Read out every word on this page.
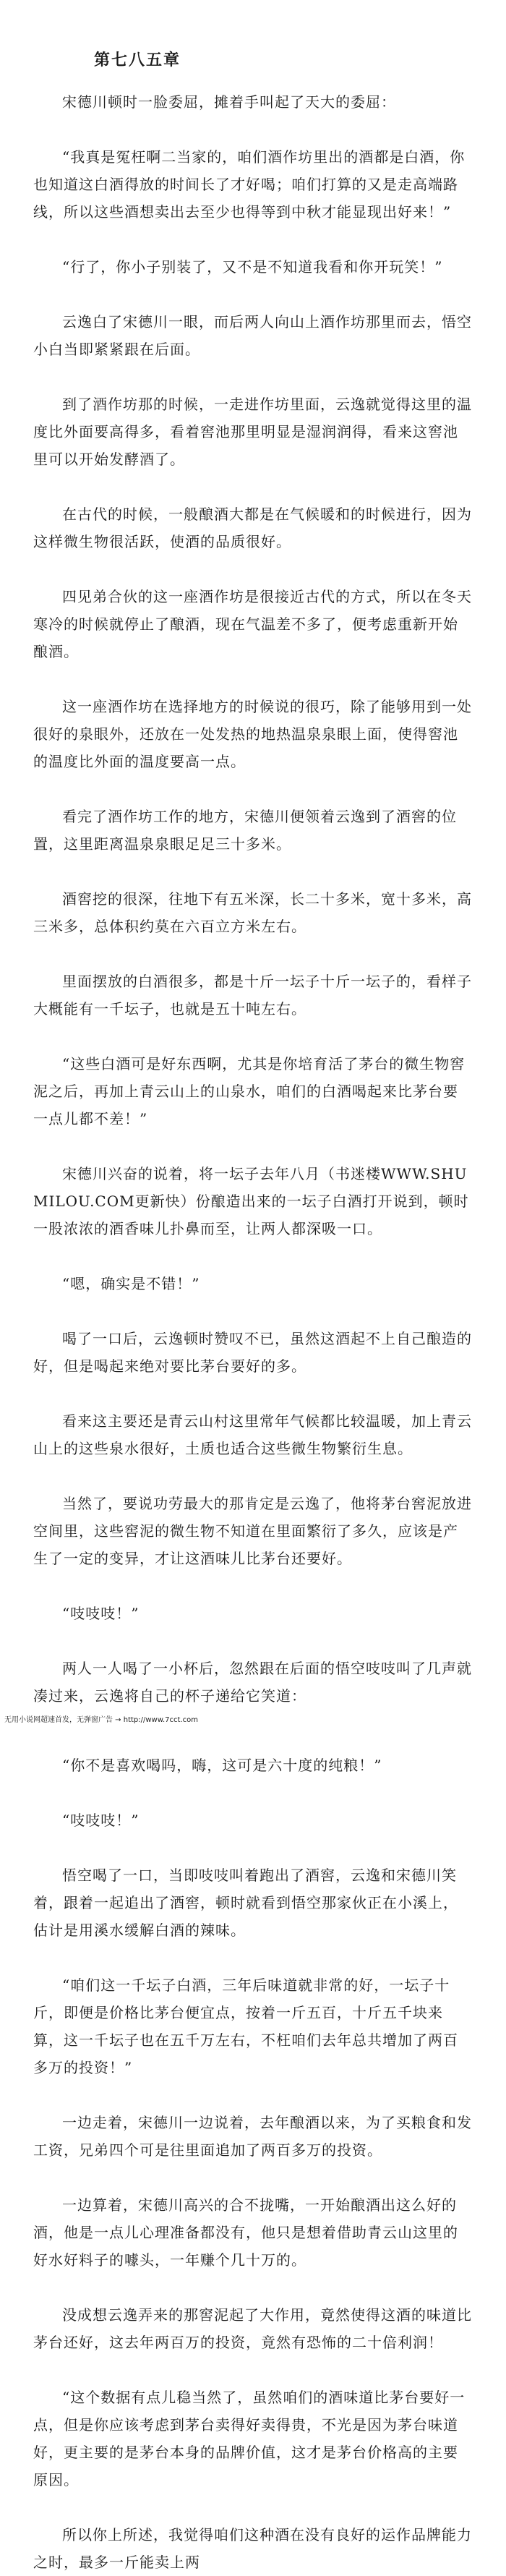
第七八五章

宋德川顿时一脸委屈，摊着手叫起了天大的委屈：

“我真是冤枉啊二当家的，咱们酒作坊里出的酒都是白酒，你也知道这白酒得放的时间长了才好喝；咱们打算的又是走高端路线，所以这些酒想卖出去至少也得等到中秋才能显现出好来！”

“行了，你小子别装了，又不是不知道我看和你开玩笑！”

云逸白了宋德川一眼，而后两人向山上酒作坊那里而去，悟空小白当即紧紧跟在后面。

到了酒作坊那的时候，一走进作坊里面，云逸就觉得这里的温度比外面要高得多，看着窖池那里明显是湿润润得，看来这窖池里可以开始发酵酒了。

在古代的时候，一般酿酒大都是在气候暖和的时候进行，因为这样微生物很活跃，使酒的品质很好。

四见弟合伙的这一座酒作坊是很接近古代的方式，所以在冬天寒冷的时候就停止了酿酒，现在气温差不多了，便考虑重新开始酿酒。

这一座酒作坊在选择地方的时候说的很巧，除了能够用到一处很好的泉眼外，还放在一处发热的地热温泉泉眼上面，使得窖池的温度比外面的温度要高一点。

看完了酒作坊工作的地方，宋德川便领着云逸到了酒窖的位置，这里距离温泉泉眼足足三十多米。

酒窖挖的很深，往地下有五米深，长二十多米，宽十多米，高三米多，总体积约莫在六百立方米左右。

里面摆放的白酒很多，都是十斤一坛子十斤一坛子的，看样子大概能有一千坛子，也就是五十吨左右。

“这些白酒可是好东西啊，尤其是你培育活了茅台的微生物窖泥之后，再加上青云山上的山泉水，咱们的白酒喝起来比茅台要一点儿都不差！”

宋德川兴奋的说着，将一坛子去年八月（书迷楼WWW.SHUMILOU.COM更新快）份酿造出来的一坛子白酒打开说到，顿时一股浓浓的酒香味儿扑鼻而至，让两人都深吸一口。

“嗯，确实是不错！”

喝了一口后，云逸顿时赞叹不已，虽然这酒起不上自己酿造的好，但是喝起来绝对要比茅台要好的多。

看来这主要还是青云山村这里常年气候都比较温暖，加上青云山上的这些泉水很好，土质也适合这些微生物繁衍生息。

当然了，要说功劳最大的那肯定是云逸了，他将茅台窖泥放进空间里，这些窖泥的微生物不知道在里面繁衍了多久，应该是产生了一定的变异，才让这酒味儿比茅台还要好。

“吱吱吱！”

两人一人喝了一小杯后，忽然跟在后面的悟空吱吱叫了几声就凑过来，云逸将自己的杯子递给它笑道：

无用小说网超速首发，无弹窗广告 → http://www.7cct.com

“你不是喜欢喝吗，嗨，这可是六十度的纯粮！”

“吱吱吱！”

悟空喝了一口，当即吱吱叫着跑出了酒窖，云逸和宋德川笑着，跟着一起追出了酒窖，顿时就看到悟空那家伙正在小溪上，估计是用溪水缓解白酒的辣味。

“咱们这一千坛子白酒，三年后味道就非常的好，一坛子十斤，即便是价格比茅台便宜点，按着一斤五百，十斤五千块来算，这一千坛子也在五千万左右，不枉咱们去年总共增加了两百多万的投资！”

一边走着，宋德川一边说着，去年酿酒以来，为了买粮食和发工资，兄弟四个可是往里面追加了两百多万的投资。

一边算着，宋德川高兴的合不拢嘴，一开始酿酒出这么好的酒，他是一点儿心理准备都没有，他只是想着借助青云山这里的好水好料子的噱头，一年赚个几十万的。

没成想云逸弄来的那窖泥起了大作用，竟然使得这酒的味道比茅台还好，这去年两百万的投资，竟然有恐怖的二十倍利润！

“这个数据有点儿稳当然了，虽然咱们的酒味道比茅台要好一点，但是你应该考虑到茅台卖得好卖得贵，不光是因为茅台味道好，更主要的是茅台本身的品牌价值，这才是茅台价格高的主要原因。

所以你上所述，我觉得咱们这种酒在没有良好的运作品牌能力之时，最多一斤能卖上两
